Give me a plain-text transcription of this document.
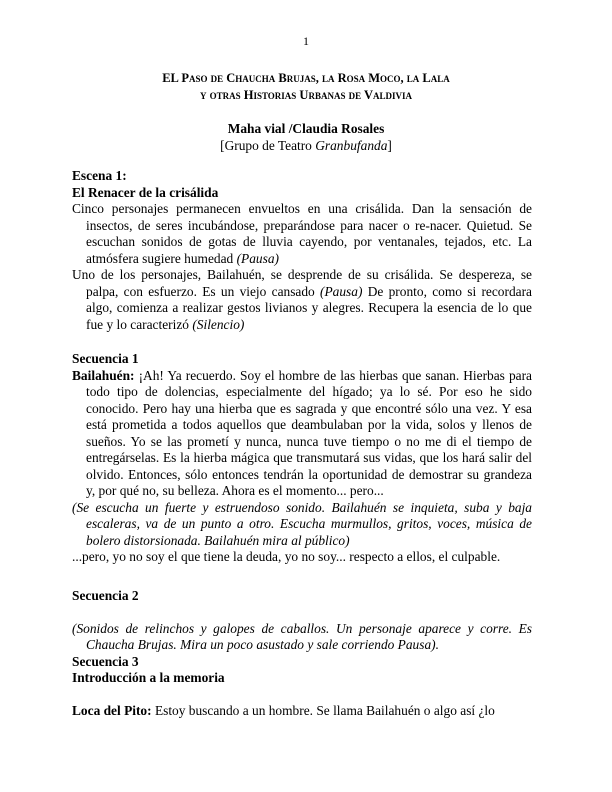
1
EL Paso de Chaucha Brujas, la Rosa Moco, la Lala
y otras Historias Urbanas de Valdivia
Maha vial /Claudia Rosales
[Grupo de Teatro Granbufanda]
Escena 1:
El Renacer de la crisálida
Cinco personajes permanecen envueltos en una crisálida. Dan la sensación de insectos, de seres incubándose, preparándose para nacer o re-nacer. Quietud. Se escuchan sonidos de gotas de lluvia cayendo, por ventanales, tejados, etc. La atmósfera sugiere humedad (Pausa)
Uno de los personajes, Bailahuén, se desprende de su crisálida. Se despereza, se palpa, con esfuerzo. Es un viejo cansado (Pausa) De pronto, como si recordara algo, comienza a realizar gestos livianos y alegres. Recupera la esencia de lo que fue y lo caracterizó (Silencio)
Secuencia 1
Bailahuén: ¡Ah! Ya recuerdo. Soy el hombre de las hierbas que sanan. Hierbas para todo tipo de dolencias, especialmente del hígado; ya lo sé. Por eso he sido conocido. Pero hay una hierba que es sagrada y que encontré sólo una vez. Y esa está prometida a todos aquellos que deambulaban por la vida, solos y llenos de sueños. Yo se las prometí y nunca, nunca tuve tiempo o no me di el tiempo de entregárselas. Es la hierba mágica que transmutará sus vidas, que los hará salir del olvido. Entonces, sólo entonces tendrán la oportunidad de demostrar su grandeza y, por qué no, su belleza. Ahora es el momento... pero...
(Se escucha un fuerte y estruendoso sonido. Bailahuén se inquieta, suba y baja escaleras, va de un punto a otro. Escucha murmullos, gritos, voces, música de bolero distorsionada. Bailahuén mira al público)
...pero, yo no soy el que tiene la deuda, yo no soy... respecto a ellos, el culpable.
Secuencia 2
(Sonidos de relinchos y galopes de caballos. Un personaje aparece y corre. Es Chaucha Brujas. Mira un poco asustado y sale corriendo Pausa).
Secuencia 3
Introducción a la memoria
Loca del Pito: Estoy buscando a un hombre. Se llama Bailahuén o algo así ¿lo
